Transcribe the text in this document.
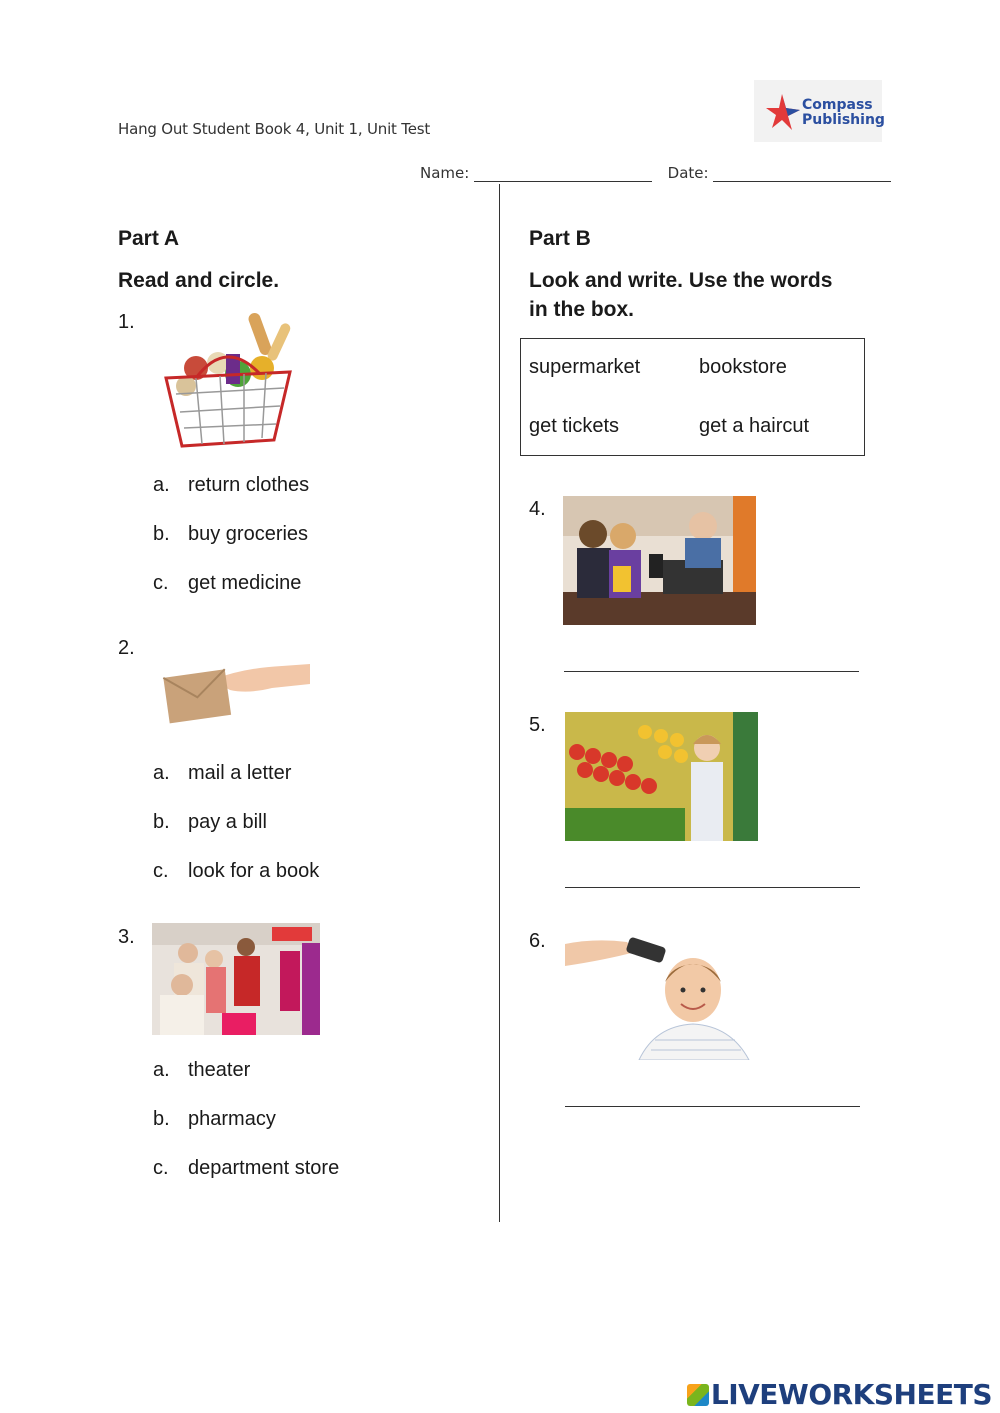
Hang Out Student Book 4, Unit 1, Unit Test
Compass
Publishing
Name:	Date:
Part A
Read and circle.
1.
a. return clothes
b. buy groceries
c. get medicine
2.
a. mail a letter
b. pay a bill
c. look for a book
3.
a. theater
b. pharmacy
c. department store
Part B
Look and write. Use the words
in the box.
supermarket	bookstore
get tickets	get a haircut
4.
5.
6.
LIVEWORKSHEETS
